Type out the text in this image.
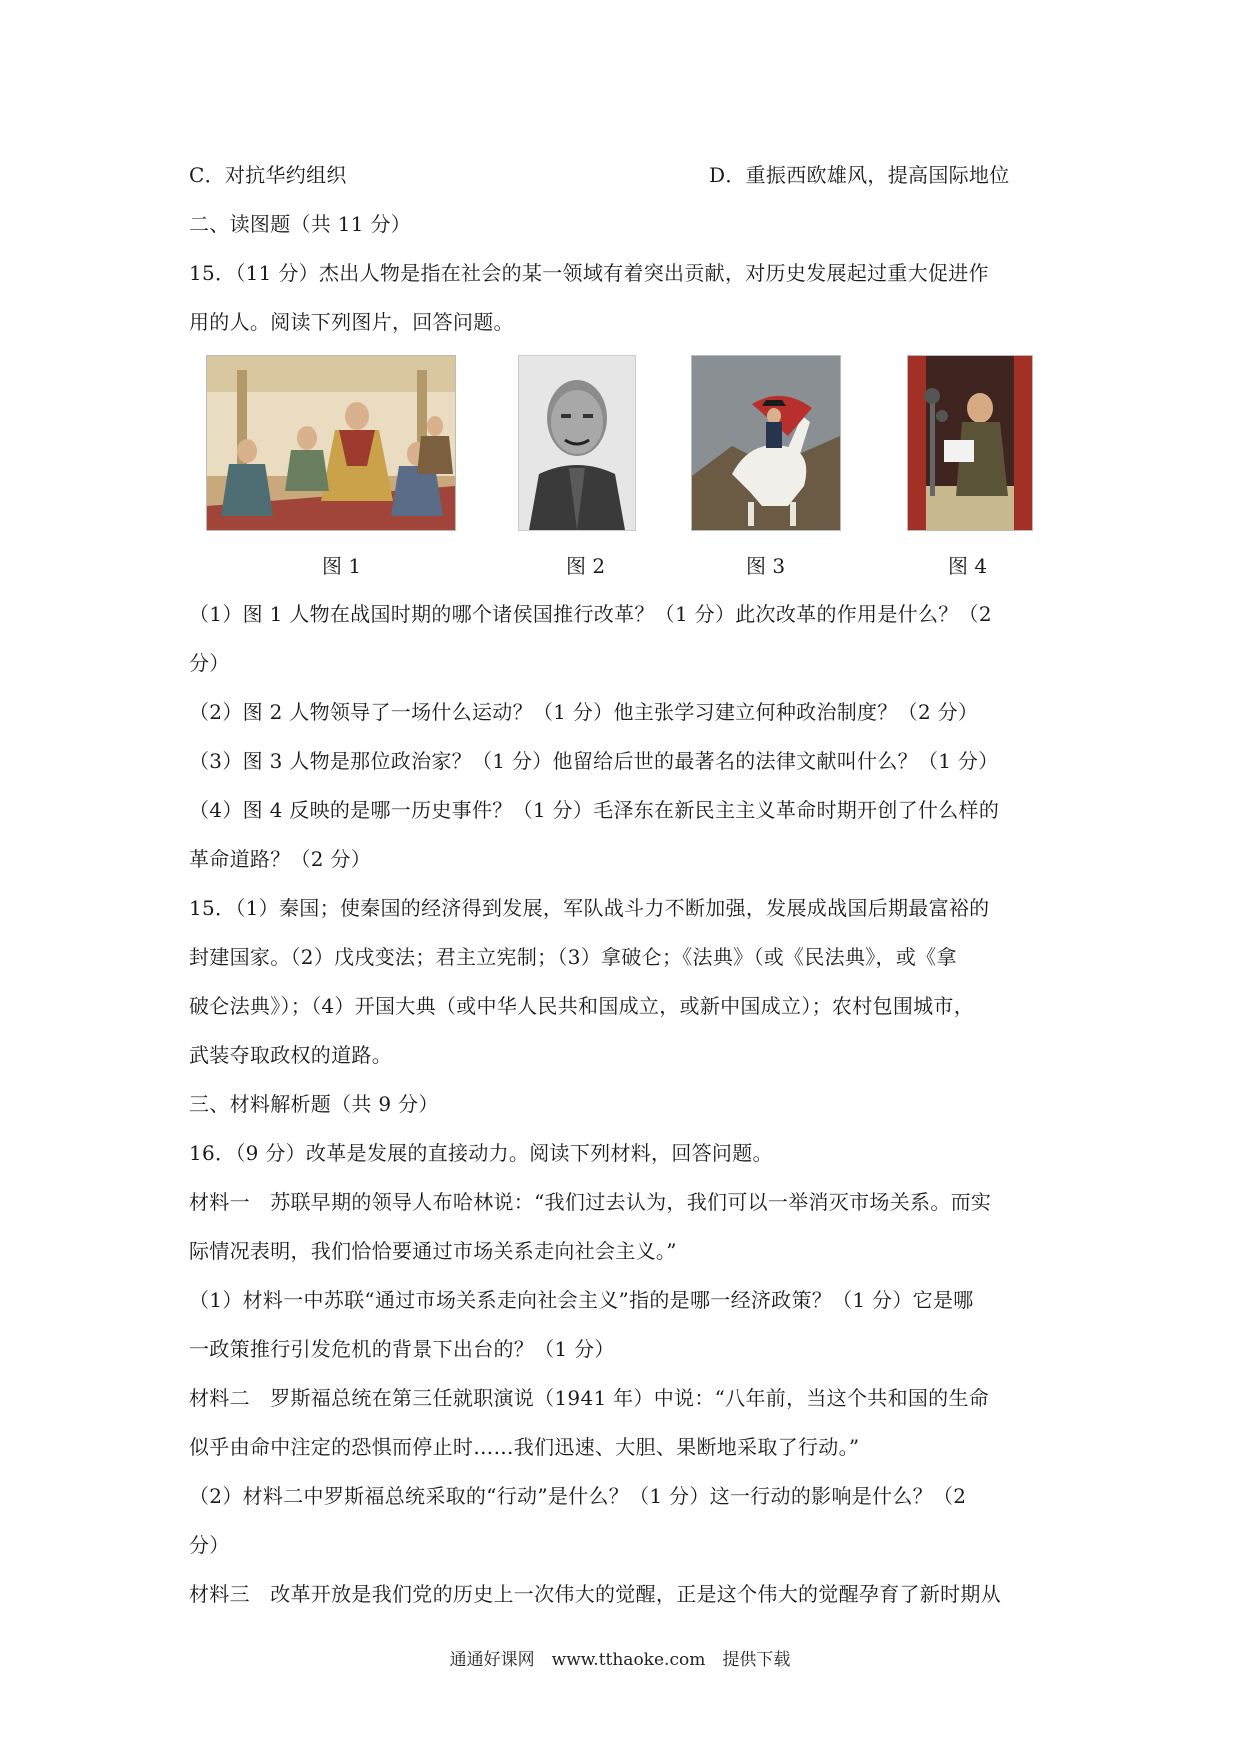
C．对抗华约组织	D．重振西欧雄风，提高国际地位
二、读图题（共 11 分）
15．（11 分）杰出人物是指在社会的某一领域有着突出贡献，对历史发展起过重大促进作
用的人。阅读下列图片，回答问题。
图 1	图 2	图 3	图 4
（1）图 1 人物在战国时期的哪个诸侯国推行改革？（1 分）此次改革的作用是什么？（2
分）
（2）图 2 人物领导了一场什么运动？（1 分）他主张学习建立何种政治制度？（2 分）
（3）图 3 人物是那位政治家？（1 分）他留给后世的最著名的法律文献叫什么？（1 分）
（4）图 4 反映的是哪一历史事件？（1 分）毛泽东在新民主主义革命时期开创了什么样的
革命道路？（2 分）
15．（1）秦国；使秦国的经济得到发展，军队战斗力不断加强，发展成战国后期最富裕的
封建国家。（2）戊戌变法；君主立宪制；（3）拿破仑；《法典》（或《民法典》，或《拿
破仑法典》）；（4）开国大典（或中华人民共和国成立，或新中国成立）；农村包围城市，
武装夺取政权的道路。
三、材料解析题（共 9 分）
16．（9 分）改革是发展的直接动力。阅读下列材料，回答问题。
材料一　苏联早期的领导人布哈林说：“我们过去认为，我们可以一举消灭市场关系。而实
际情况表明，我们恰恰要通过市场关系走向社会主义。”
（1）材料一中苏联“通过市场关系走向社会主义”指的是哪一经济政策？（1 分）它是哪
一政策推行引发危机的背景下出台的？（1 分）
材料二　罗斯福总统在第三任就职演说（1941 年）中说：“八年前，当这个共和国的生命
似乎由命中注定的恐惧而停止时……我们迅速、大胆、果断地采取了行动。”
（2）材料二中罗斯福总统采取的“行动”是什么？（1 分）这一行动的影响是什么？（2
分）
材料三　改革开放是我们党的历史上一次伟大的觉醒，正是这个伟大的觉醒孕育了新时期从
通通好课网　www.tthaoke.com　提供下载
